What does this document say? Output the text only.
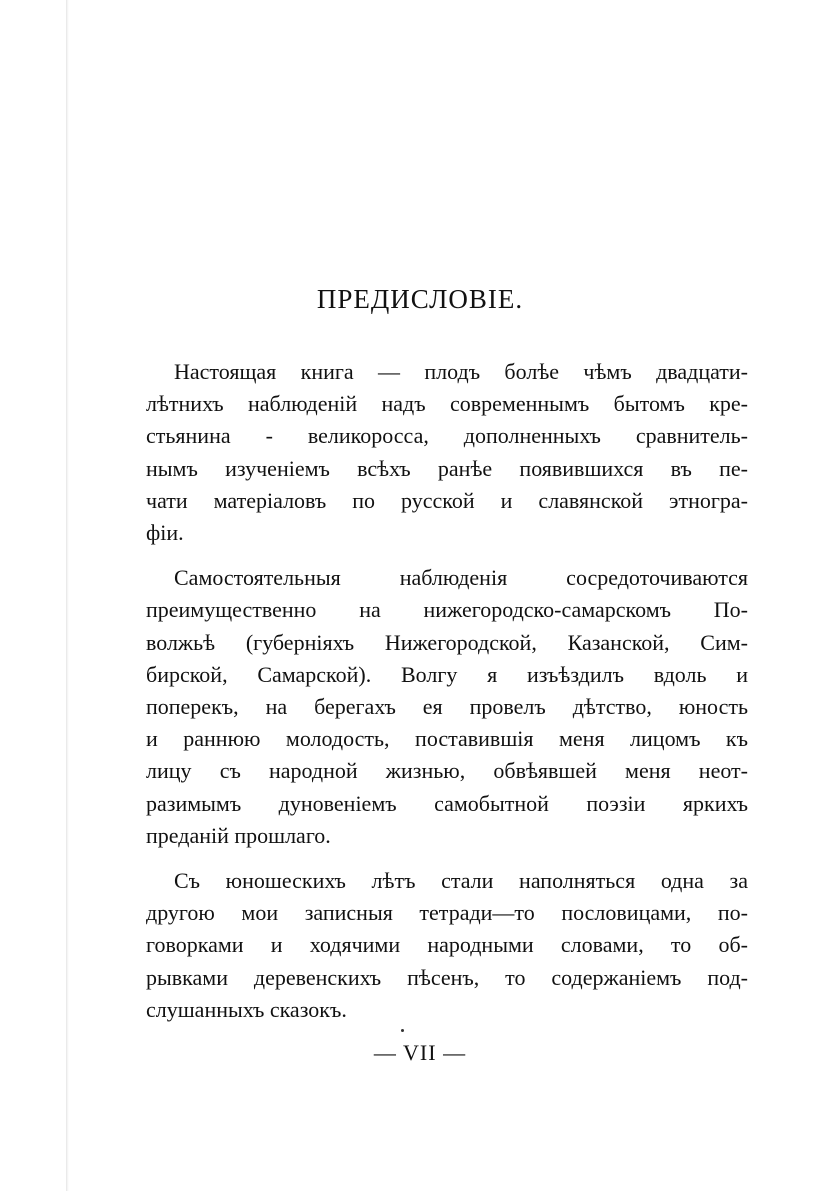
ПРЕДИСЛОВІЕ.

Настоящая книга — плодъ болѣе чѣмъ двадцати-
лѣтнихъ наблюденій надъ современнымъ бытомъ кре-
стьянина - великоросса, дополненныхъ сравнитель-
нымъ изученіемъ всѣхъ ранѣе появившихся въ пе-
чати матеріаловъ по русской и славянской этногра-
фіи.

Самостоятельныя наблюденія сосредоточиваются
преимущественно на нижегородско-самарскомъ По-
волжьѣ (губерніяхъ Нижегородской, Казанской, Сим-
бирской, Самарской). Волгу я изъѣздилъ вдоль и
поперекъ, на берегахъ ея провелъ дѣтство, юность
и раннюю молодость, поставившія меня лицомъ къ
лицу съ народной жизнью, обвѣявшей меня неот-
разимымъ дуновеніемъ самобытной поэзіи яркихъ
преданій прошлаго.

Съ юношескихъ лѣтъ стали наполняться одна за
другою мои записныя тетради—то пословицами, по-
говорками и ходячими народными словами, то об-
рывками деревенскихъ пѣсенъ, то содержаніемъ под-
слушанныхъ сказокъ.

— VII —
